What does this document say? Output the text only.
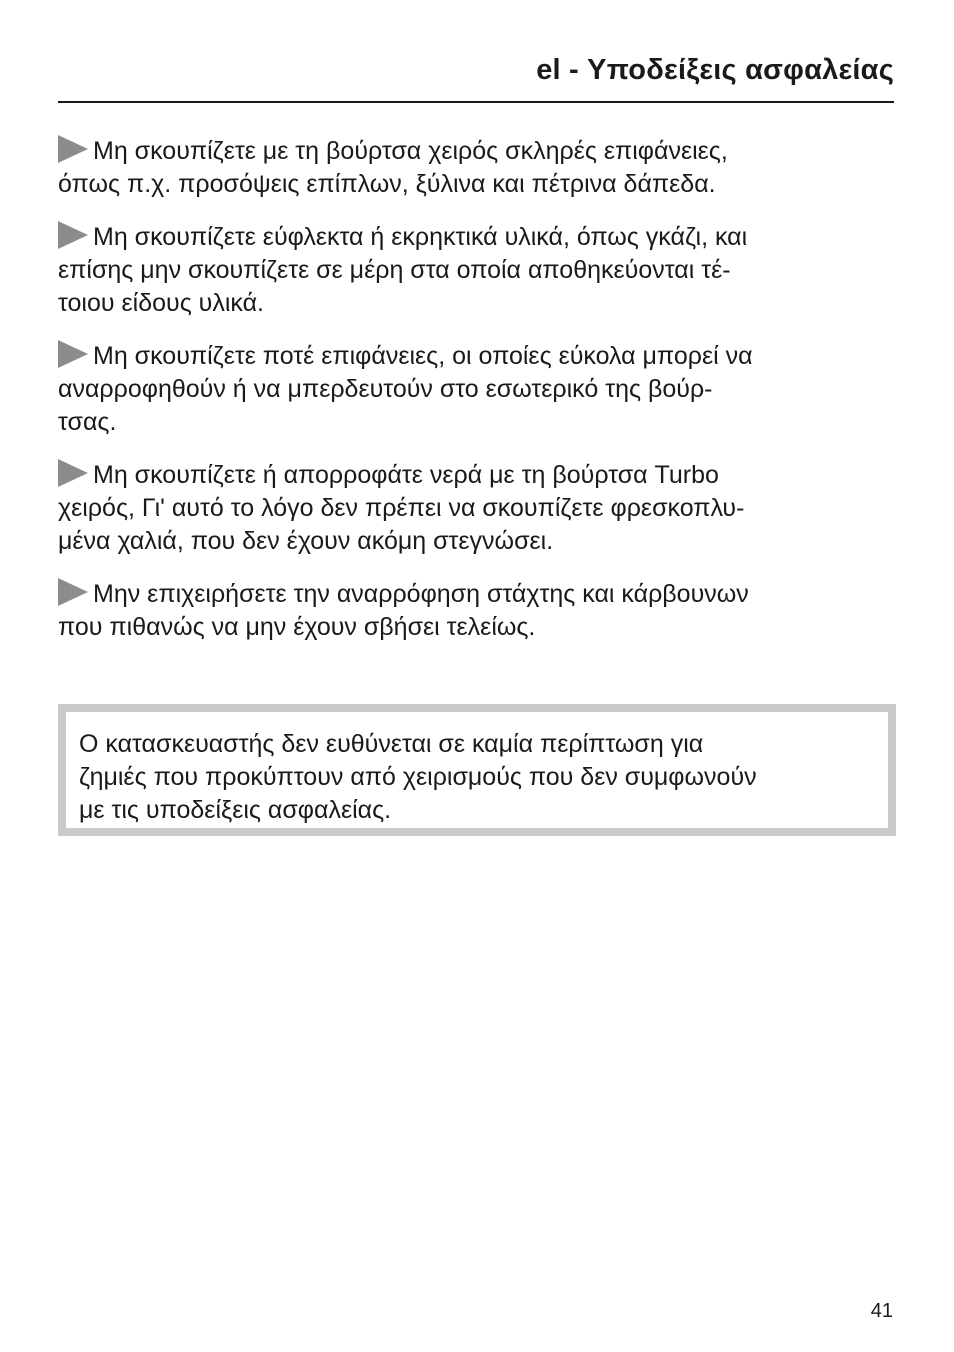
el - Υποδείξεις ασφαλείας

Μη σκουπίζετε με τη βούρτσα χειρός σκληρές επιφάνειες,
όπως π.χ. προσόψεις επίπλων, ξύλινα και πέτρινα δάπεδα.

Μη σκουπίζετε εύφλεκτα ή εκρηκτικά υλικά, όπως γκάζι, και
επίσης μην σκουπίζετε σε μέρη στα οποία αποθηκεύονται τέ-
τοιου είδους υλικά.

Μη σκουπίζετε ποτέ επιφάνειες, οι οποίες εύκολα μπορεί να
αναρροφηθούν ή να μπερδευτούν στο εσωτερικό της βούρ-
τσας.

Μη σκουπίζετε ή απορροφάτε νερά με τη βούρτσα Turbo
χειρός, Γι' αυτό το λόγο δεν πρέπει να σκουπίζετε φρεσκοπλυ-
μένα χαλιά, που δεν έχουν ακόμη στεγνώσει.

Μην επιχειρήσετε την αναρρόφηση στάχτης και κάρβουνων
που πιθανώς να μην έχουν σβήσει τελείως.

Ο κατασκευαστής δεν ευθύνεται σε καμία περίπτωση για
ζημιές που προκύπτουν από χειρισμούς που δεν συμφωνούν
με τις υποδείξεις ασφαλείας.
41
